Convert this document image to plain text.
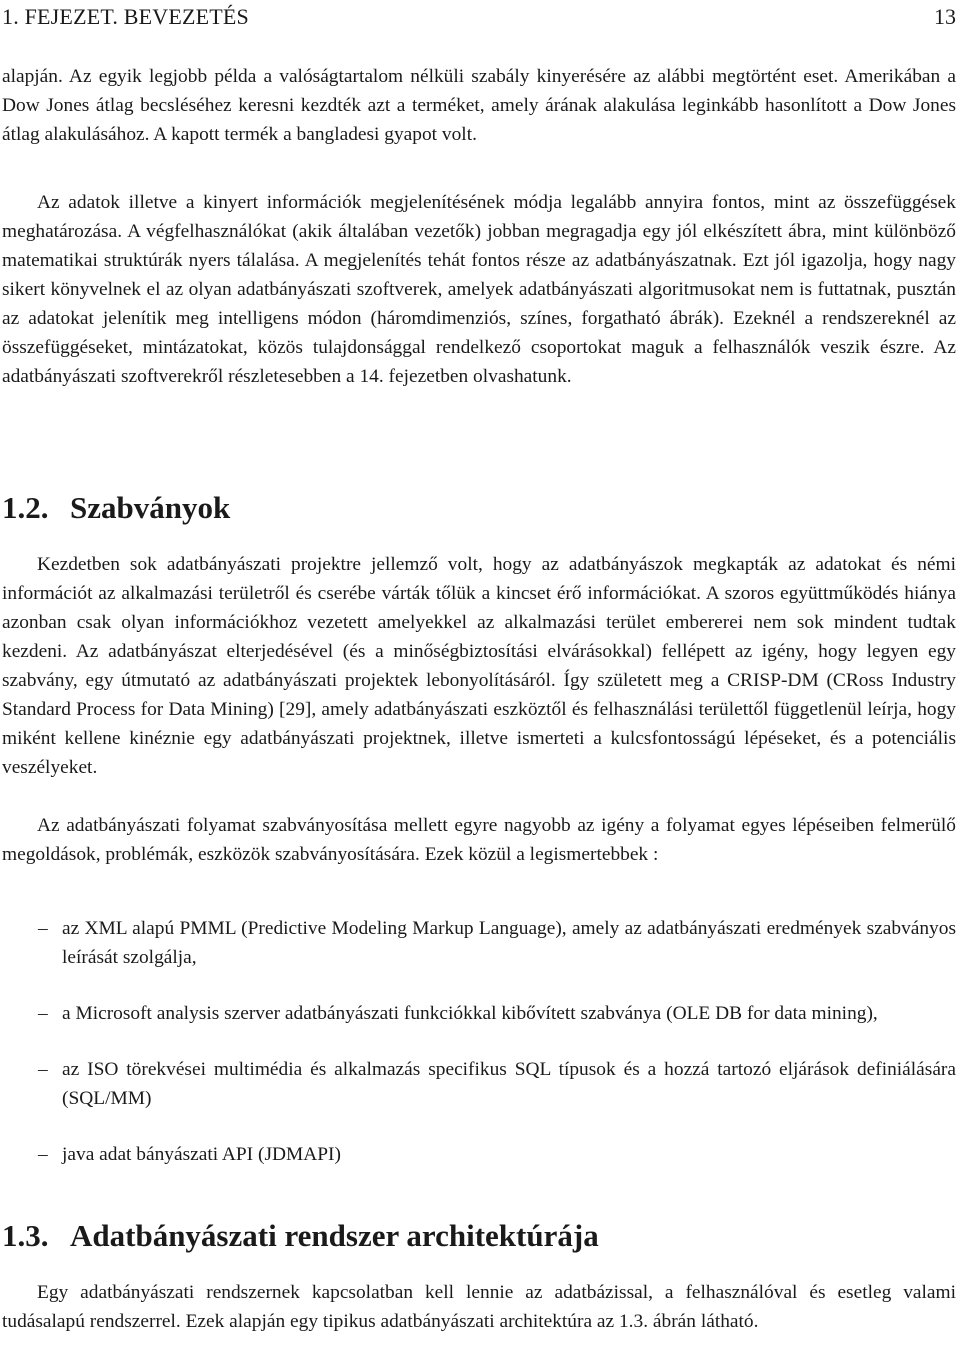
1. FEJEZET. BEVEZETÉS	13

alapján. Az egyik legjobb példa a valóságtartalom nélküli szabály kinyerésére az alábbi megtörtént eset. Amerikában a Dow Jones átlag becsléséhez keresni kezdték azt a terméket, amely árának alakulása leginkább hasonlított a Dow Jones átlag alakulásához. A kapott termék a bangladesi gyapot volt.

Az adatok illetve a kinyert információk megjelenítésének módja legalább annyira fontos, mint az összefüggések meghatározása. A végfelhasználókat (akik általában vezetők) jobban megragadja egy jól elkészített ábra, mint különböző matematikai struktúrák nyers tálalása. A megjelenítés tehát fontos része az adatbányászatnak. Ezt jól igazolja, hogy nagy sikert könyvelnek el az olyan adatbányászati szoftverek, amelyek adatbányászati algoritmusokat nem is futtatnak, pusztán az adatokat jelenítik meg intelligens módon (háromdimenziós, színes, forgatható ábrák). Ezeknél a rendszereknél az összefüggéseket, mintázatokat, közös tulajdonsággal rendelkező csoportokat maguk a felhasználók veszik észre. Az adatbányászati szoftverekről részletesebben a 14. fejezetben olvashatunk.

1.2. Szabványok

Kezdetben sok adatbányászati projektre jellemző volt, hogy az adatbányászok megkapták az adatokat és némi információt az alkalmazási területről és cserébe várták tőlük a kincset érő információkat. A szoros együttműködés hiánya azonban csak olyan információkhoz vezetett amelyekkel az alkalmazási terület embererei nem sok mindent tudtak kezdeni. Az adatbányászat elterjedésével (és a minőségbiztosítási elvárásokkal) fellépett az igény, hogy legyen egy szabvány, egy útmutató az adatbányászati projektek lebonyolításáról. Így született meg a CRISP-DM (CRoss Industry Standard Process for Data Mining) [29], amely adatbányászati eszköztől és felhasználási területtől függetlenül leírja, hogy miként kellene kinéznie egy adatbányászati projektnek, illetve ismerteti a kulcsfontosságú lépéseket, és a potenciális veszélyeket.

Az adatbányászati folyamat szabványosítása mellett egyre nagyobb az igény a folyamat egyes lépéseiben felmerülő megoldások, problémák, eszközök szabványosítására. Ezek közül a legismertebbek :

– az XML alapú PMML (Predictive Modeling Markup Language), amely az adatbányászati eredmények szabványos leírását szolgálja,
– a Microsoft analysis szerver adatbányászati funkciókkal kibővített szabványa (OLE DB for data mining),
– az ISO törekvései multimédia és alkalmazás specifikus SQL típusok és a hozzá tartozó eljárások definiálására (SQL/MM)
– java adat bányászati API (JDMAPI)
1.3. Adatbányászati rendszer architektúrája

Egy adatbányászati rendszernek kapcsolatban kell lennie az adatbázissal, a felhasználóval és esetleg valami tudásalapú rendszerrel. Ezek alapján egy tipikus adatbányászati architektúra az 1.3. ábrán látható.
